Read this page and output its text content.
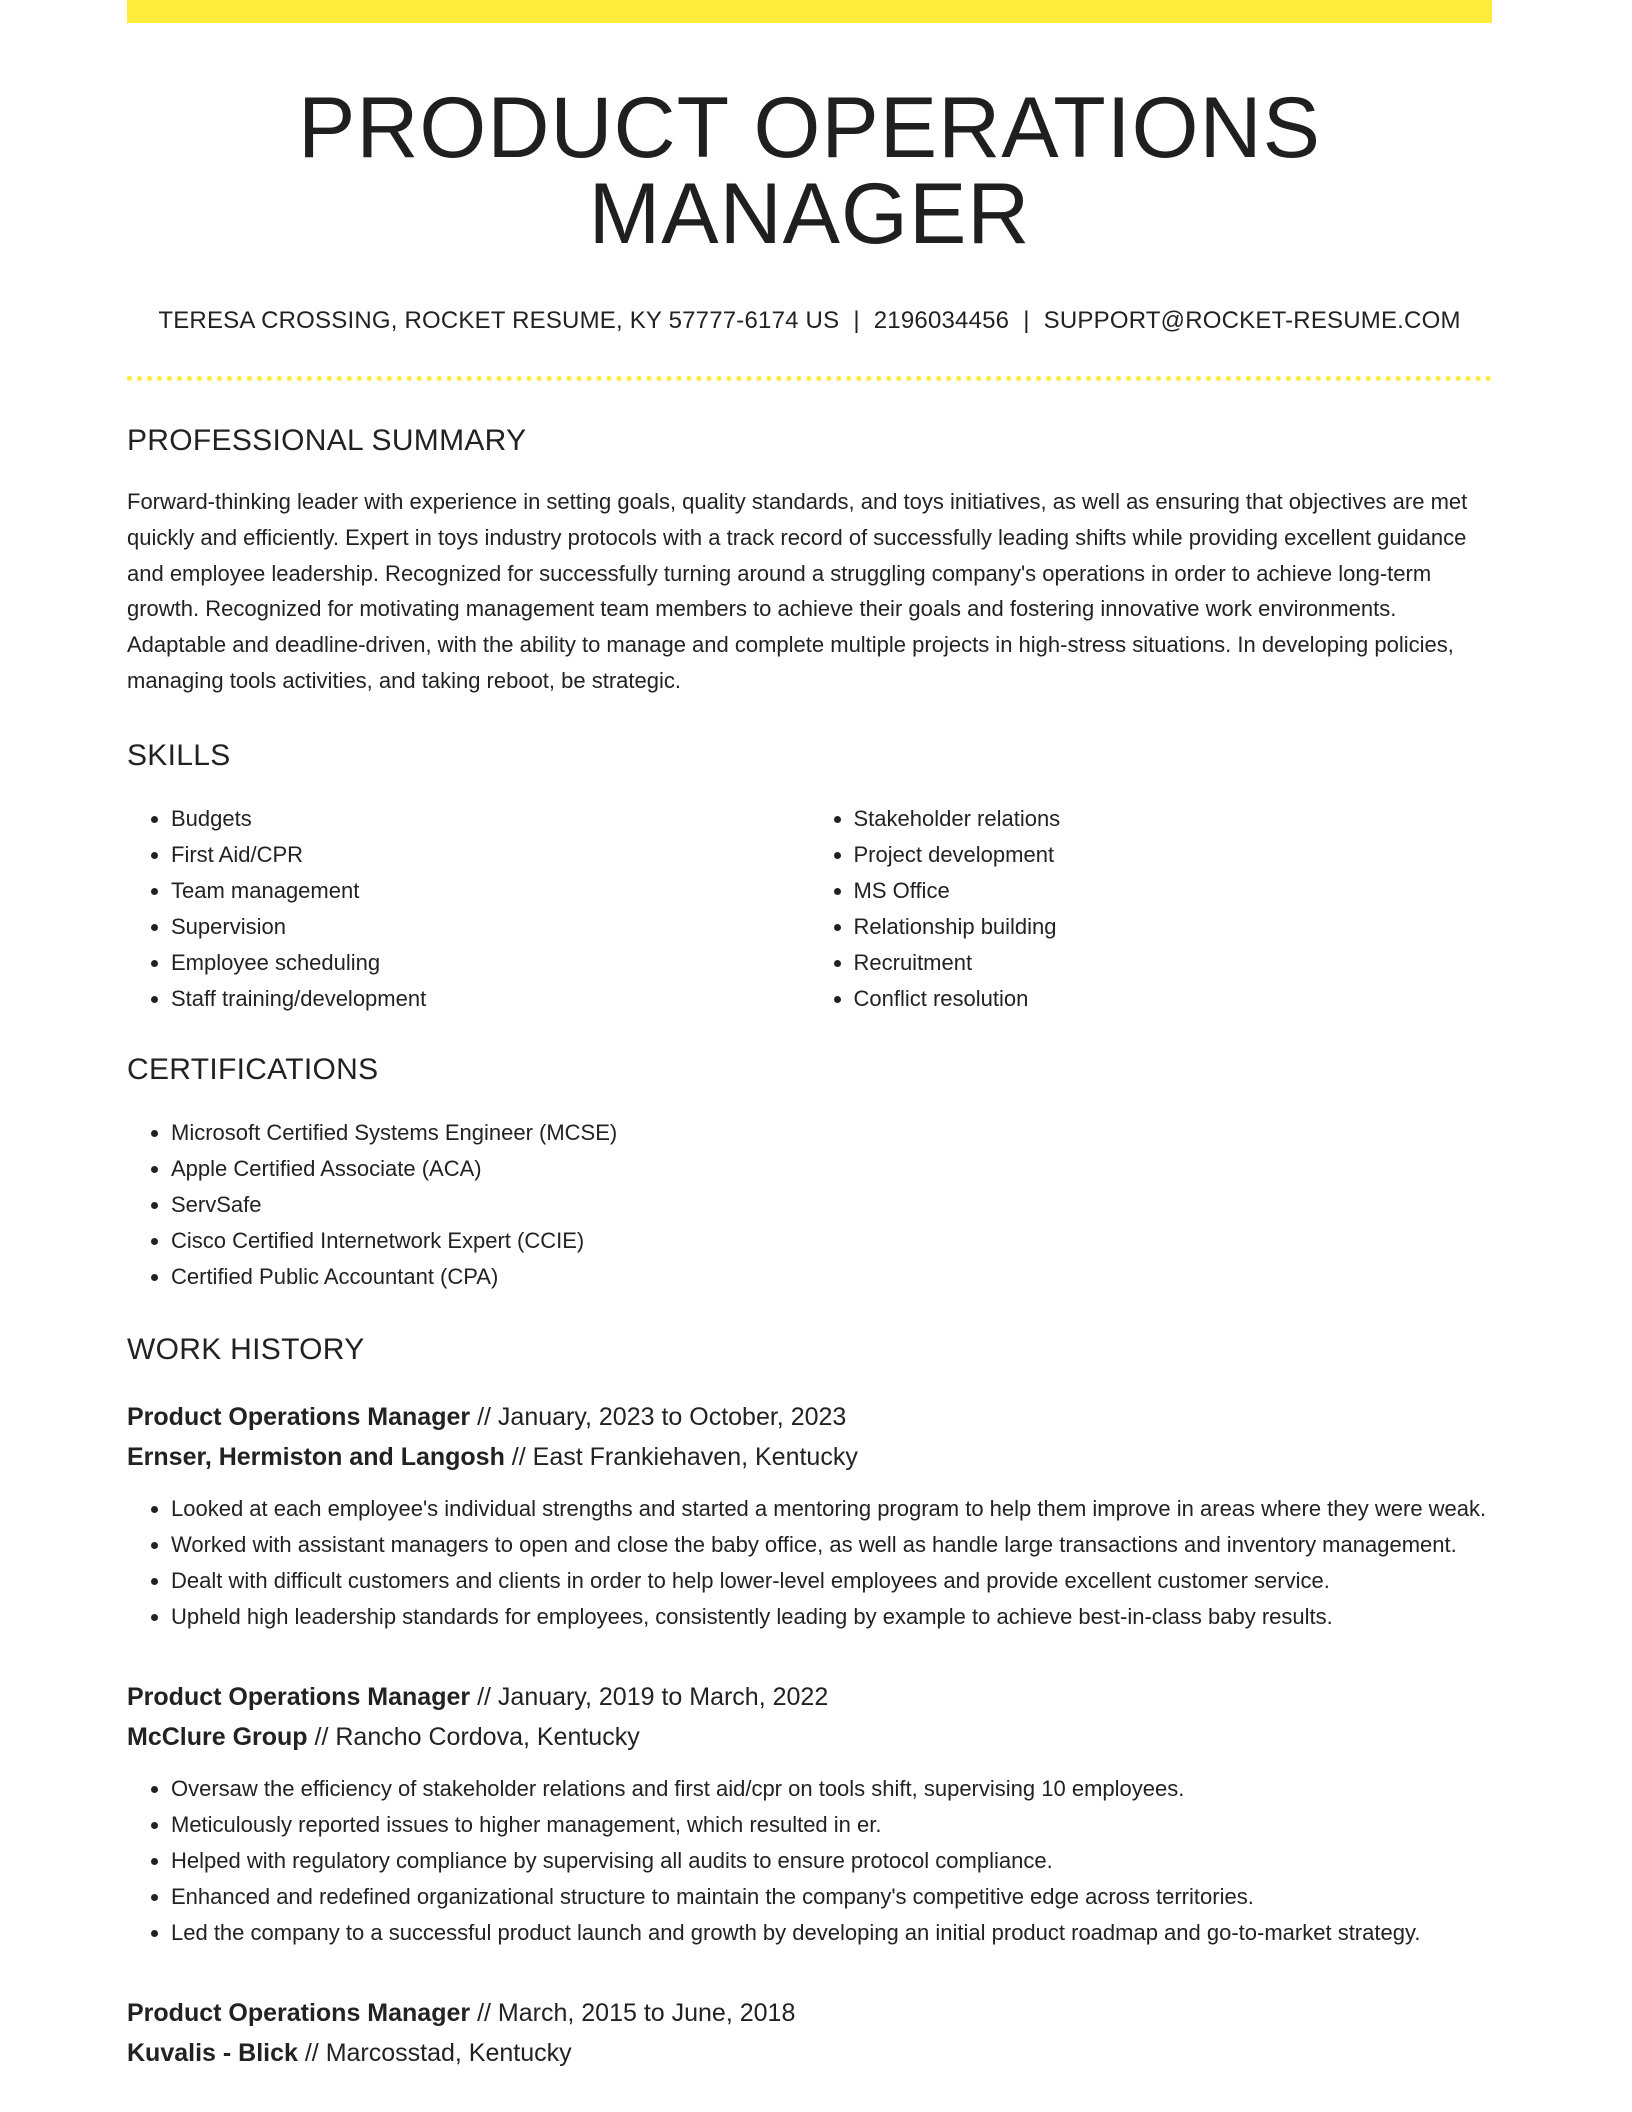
PRODUCT OPERATIONS MANAGER
TERESA CROSSING, ROCKET RESUME, KY 57777-6174 US | 2196034456 | SUPPORT@ROCKET-RESUME.COM
PROFESSIONAL SUMMARY

Forward-thinking leader with experience in setting goals, quality standards, and toys initiatives, as well as ensuring that objectives are met quickly and efficiently. Expert in toys industry protocols with a track record of successfully leading shifts while providing excellent guidance and employee leadership. Recognized for successfully turning around a struggling company's operations in order to achieve long-term growth. Recognized for motivating management team members to achieve their goals and fostering innovative work environments. Adaptable and deadline-driven, with the ability to manage and complete multiple projects in high-stress situations. In developing policies, managing tools activities, and taking reboot, be strategic.

SKILLS
• Budgets
• First Aid/CPR
• Team management
• Supervision
• Employee scheduling
• Staff training/development
• Stakeholder relations
• Project development
• MS Office
• Relationship building
• Recruitment
• Conflict resolution
CERTIFICATIONS
• Microsoft Certified Systems Engineer (MCSE)
• Apple Certified Associate (ACA)
• ServSafe
• Cisco Certified Internetwork Expert (CCIE)
• Certified Public Accountant (CPA)
WORK HISTORY
Product Operations Manager // January, 2023 to October, 2023
Ernser, Hermiston and Langosh // East Frankiehaven, Kentucky
• Looked at each employee's individual strengths and started a mentoring program to help them improve in areas where they were weak.
• Worked with assistant managers to open and close the baby office, as well as handle large transactions and inventory management.
• Dealt with difficult customers and clients in order to help lower-level employees and provide excellent customer service.
• Upheld high leadership standards for employees, consistently leading by example to achieve best-in-class baby results.
Product Operations Manager // January, 2019 to March, 2022
McClure Group // Rancho Cordova, Kentucky
• Oversaw the efficiency of stakeholder relations and first aid/cpr on tools shift, supervising 10 employees.
• Meticulously reported issues to higher management, which resulted in er.
• Helped with regulatory compliance by supervising all audits to ensure protocol compliance.
• Enhanced and redefined organizational structure to maintain the company's competitive edge across territories.
• Led the company to a successful product launch and growth by developing an initial product roadmap and go-to-market strategy.
Product Operations Manager // March, 2015 to June, 2018
Kuvalis - Blick // Marcosstad, Kentucky
